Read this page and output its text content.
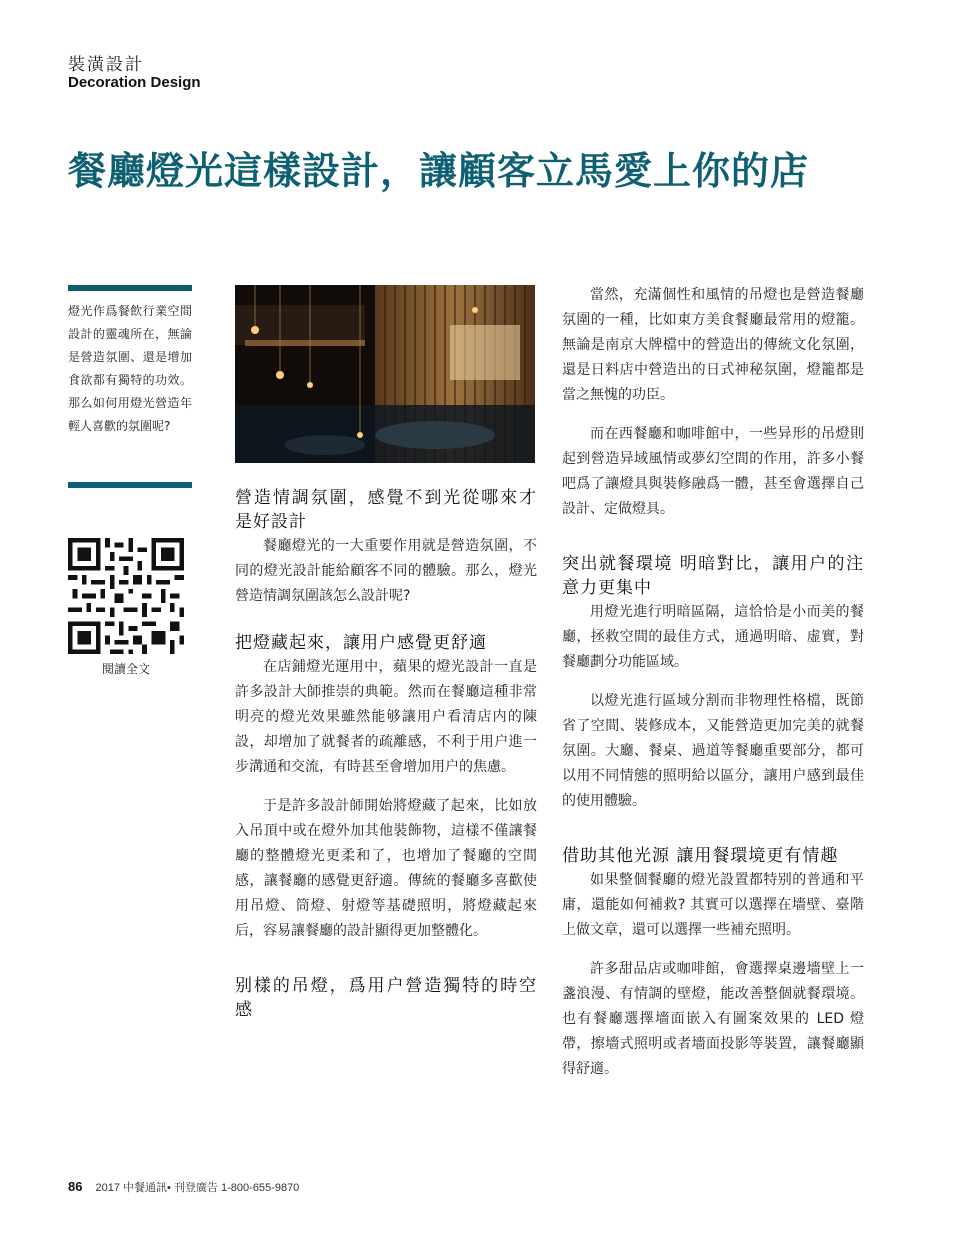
裝潢設計
Decoration Design
餐廳燈光這樣設計，讓顧客立馬愛上你的店
燈光作爲餐飲行業空間設計的靈魂所在，無論是營造氛圍、還是增加食欲都有獨特的功效。那么如何用燈光營造年輕人喜歡的氛圍呢?
閱讀全文
營造情調氛圍，感覺不到光從哪來才是好設計

餐廳燈光的一大重要作用就是營造氛圍，不同的燈光設計能給顧客不同的體驗。那么，燈光營造情調氛圍該怎么設計呢?

把燈藏起來，讓用户感覺更舒適

在店鋪燈光運用中，蘋果的燈光設計一直是許多設計大師推崇的典範。然而在餐廳這種非常明亮的燈光效果雖然能够讓用户看清店内的陳設，却增加了就餐者的疏離感，不利于用户進一步溝通和交流，有時甚至會增加用户的焦慮。

于是許多設計師開始將燈藏了起來，比如放入吊頂中或在燈外加其他裝飾物，這樣不僅讓餐廳的整體燈光更柔和了，也增加了餐廳的空間感，讓餐廳的感覺更舒適。傳統的餐廳多喜歡使用吊燈、筒燈、射燈等基礎照明，將燈藏起來后，容易讓餐廳的設計顯得更加整體化。

别樣的吊燈，爲用户營造獨特的時空感

當然，充滿個性和風情的吊燈也是營造餐廳氛圍的一種，比如東方美食餐廳最常用的燈籠。無論是南京大牌檔中的營造出的傳統文化氛圍，還是日料店中營造出的日式神秘氛圍，燈籠都是當之無愧的功臣。

而在西餐廳和咖啡館中，一些异形的吊燈則起到營造异域風情或夢幻空間的作用，許多小餐吧爲了讓燈具與裝修融爲一體，甚至會選擇自己設計、定做燈具。

突出就餐環境 明暗對比，讓用户的注意力更集中

用燈光進行明暗區隔，這恰恰是小而美的餐廳，拯救空間的最佳方式，通過明暗、虚實，對餐廳劃分功能區域。

以燈光進行區域分割而非物理性格檔，既節省了空間、裝修成本，又能營造更加完美的就餐氛圍。大廳、餐桌、過道等餐廳重要部分，都可以用不同情態的照明給以區分，讓用户感到最佳的使用體驗。

借助其他光源 讓用餐環境更有情趣

如果整個餐廳的燈光設置都特别的普通和平庸，還能如何補救? 其實可以選擇在墻壁、臺階上做文章，還可以選擇一些補充照明。

許多甜品店或咖啡館，會選擇桌邊墻壁上一盞浪漫、有情調的壁燈，能改善整個就餐環境。也有餐廳選擇墻面嵌入有圖案效果的 LED 燈帶，擦墻式照明或者墻面投影等裝置，讓餐廳顯得舒適。

86 2017 中餐通訊• 刊登廣告 1-800-655-9870
